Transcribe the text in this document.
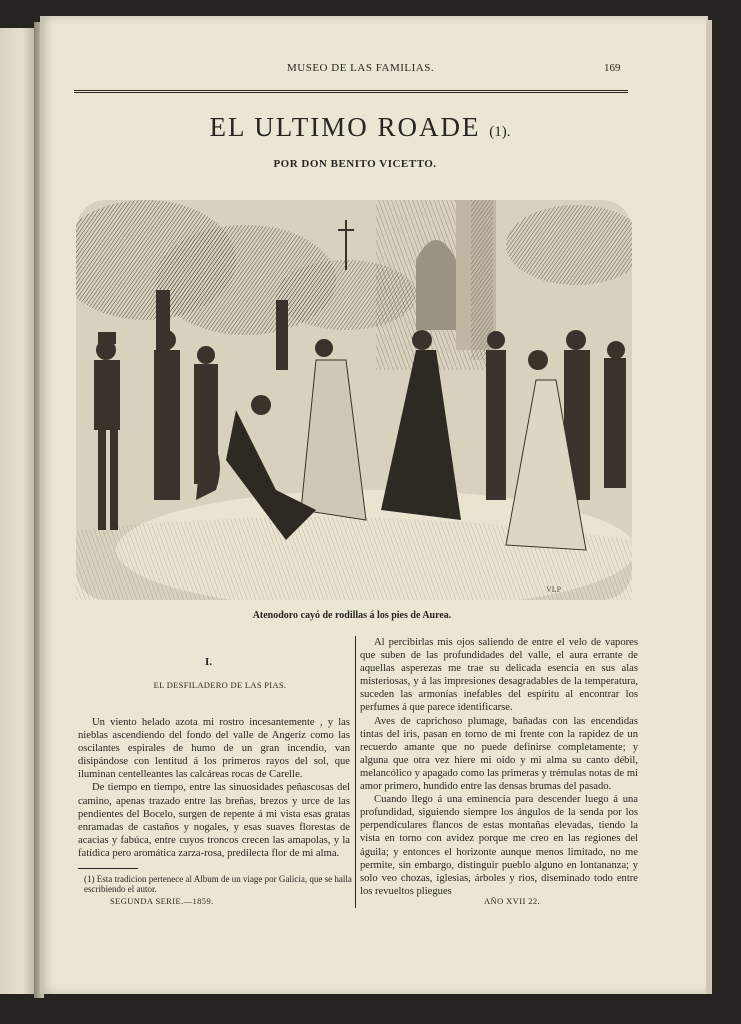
MUSEO DE LAS FAMILIAS.	169
EL ULTIMO ROADE (1).
POR DON BENITO VICETTO.
VLP
Atenodoro cayó de rodillas á los pies de Aurea.
I.
EL DESFILADERO DE LAS PIAS.

Un viento helado azota mi rostro incesantemente , y las nieblas ascendiendo del fondo del valle de Angeriz como las oscilantes espirales de humo de un gran incendio, van disipándose con lentitud á los primeros rayos del sol, que iluminan centelleantes las calcáreas rocas de Carelle.

De tiempo en tiempo, entre las sinuosidades peñascosas del camino, apenas trazado entre las breñas, brezos y urce de las pendientes del Bocelo, surgen de repente á mi vista esas gratas enramadas de castaños y nogales, y esas suaves florestas de acacias y fabúca, entre cuyos troncos crecen las amapolas, y la fatídica pero aromática zarza-rosa, predilecta flor de mi alma.

Al percibirlas mis ojos saliendo de entre el velo de vapores que suben de las profundidades del valle, el aura errante de aquellas asperezas me trae su delicada esencia en sus alas misteriosas, y á las impresiones desagradables de la temperatura, suceden las armonías inefables del espíritu al encontrar los perfumes á que parece identificarse.

Aves de caprichoso plumage, bañadas con las encendidas tintas del iris, pasan en torno de mi frente con la rapidez de un recuerdo amante que no puede definirse completamente; y alguna que otra vez hiere mi oido y mi alma su canto débil, melancólico y apagado como las primeras y trémulas notas de mi amor primero, hundido entre las densas brumas del pasado.

Cuando llego á una eminencia para descender luego á una profundidad, siguiendo siempre los ángulos de la senda por los perpendiculares flancos de estas montañas elevadas, tiendo la vista en torno con avidez porque me creo en las regiones del águila; y entonces el horizonte aunque menos limitado, no me permite, sin embargo, distinguir pueblo alguno en lontananza; y solo veo chozas, iglesias, árboles y rios, diseminado todo entre los revueltos pliegues

(1) Esta tradicion pertenece al Album de un viage por Galicia, que se halla escribiendo el autor.
SEGUNDA SERIE.—1859.	AÑO XVII 22.
